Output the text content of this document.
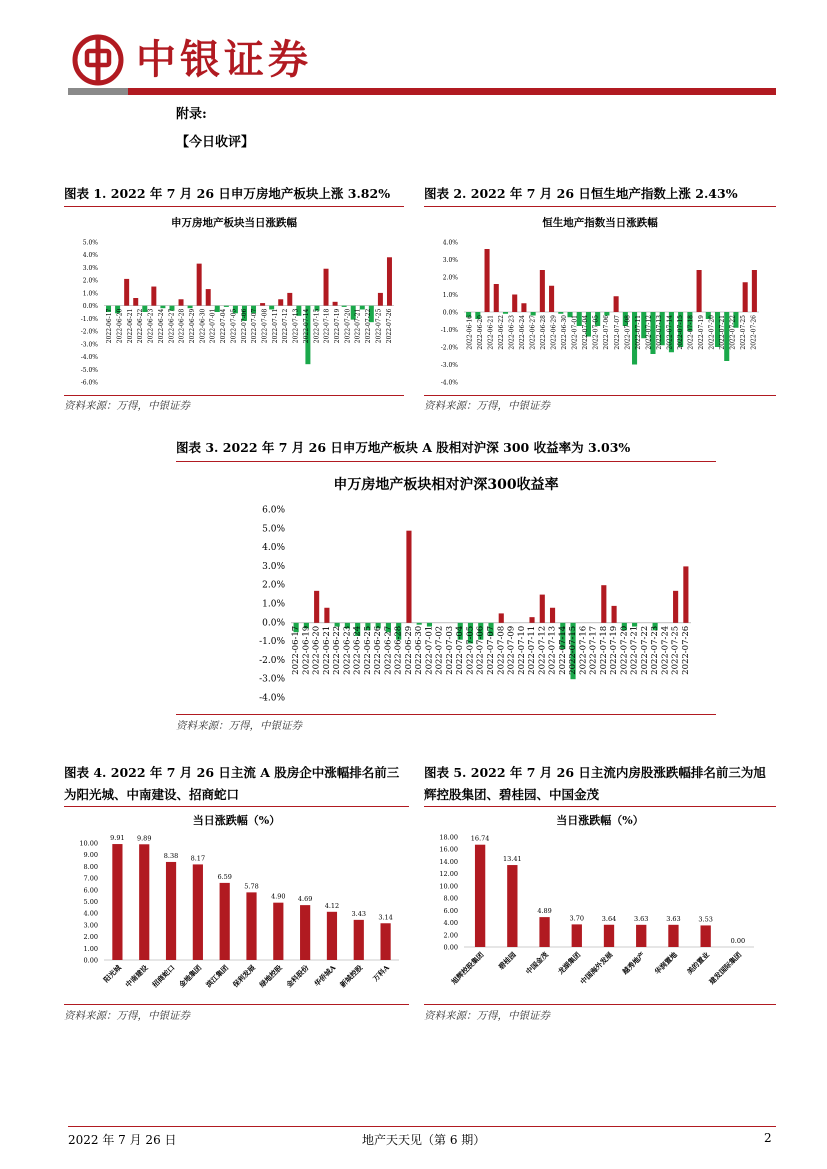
中银证券
附录:
【今日收评】
图表 1. 2022 年 7 月 26 日申万房地产板块上涨 3.82%
申万房地产板块当日涨跌幅
5.0%
4.0%
3.0%
2.0%
1.0%
0.0%
-1.0%
-2.0%
-3.0%
-4.0%
-5.0%
-6.0%
2022-06-17 2022-06-20 2022-06-21 2022-06-22 2022-06-23 2022-06-24 2022-06-27 2022-06-28 2022-06-29 2022-06-30 2022-07-01 2022-07-04 2022-07-05 2022-07-06 2022-07-07 2022-07-08 2022-07-11 2022-07-12 2022-07-13 2022-07-14 2022-07-15 2022-07-18 2022-07-19 2022-07-20 2022-07-21 2022-07-22 2022-07-25 2022-07-26
资料来源：万得，中银证券
图表 2. 2022 年 7 月 26 日恒生地产指数上涨 2.43%
恒生地产指数当日涨跌幅
4.0%
3.0%
2.0%
1.0%
0.0%
-1.0%
-2.0%
-3.0%
-4.0%
2022-06-16 2022-06-20 2022-06-21 2022-06-22 2022-06-23 2022-06-24 2022-06-27 2022-06-28 2022-06-29 2022-06-30 2022-07-01 2022-07-04 2022-07-05 2022-07-06 2022-07-07 2022-07-08 2022-07-11 2022-07-12 2022-07-13 2022-07-14 2022-07-15 2022-07-18 2022-07-19 2022-07-20 2022-07-21 2022-07-22 2022-07-25 2022-07-26
资料来源：万得，中银证券
图表 3. 2022 年 7 月 26 日申万地产板块 A 股相对沪深 300 收益率为 3.03%
申万房地产板块相对沪深300收益率
6.0%
5.0%
4.0%
3.0%
2.0%
1.0%
0.0%
-1.0%
-2.0%
-3.0%
-4.0%
2022-06-17 2022-06-19 2022-06-20 2022-06-21 2022-06-22 2022-06-23 2022-06-24 2022-06-25 2022-06-26 2022-06-27 2022-06-28 2022-06-29 2022-06-30 2022-07-01 2022-07-02 2022-07-03 2022-07-04 2022-07-05 2022-07-06 2022-07-07 2022-07-08 2022-07-09 2022-07-10 2022-07-11 2022-07-12 2022-07-13 2022-07-14 2022-07-15 2022-07-16 2022-07-17 2022-07-18 2022-07-19 2022-07-20 2022-07-21 2022-07-22 2022-07-23 2022-07-24 2022-07-25 2022-07-26
资料来源：万得，中银证券
图表 4. 2022 年 7 月 26 日主流 A 股房企中涨幅排名前三为阳光城、中南建设、招商蛇口
当日涨跌幅（%）
10.00
9.00
8.00
7.00
6.00
5.00
4.00
3.00
2.00
1.00
0.00
9.91 9.89
8.38 8.17
6.59
5.78
4.90 4.69
4.12
3.43 3.14
阳光城 中南建设 招商蛇口 金地集团 滨江集团 保利发展 绿地控股 金科股份 华侨城A 新城控股 万科A
资料来源：万得，中银证券
图表 5. 2022 年 7 月 26 日主流内房股涨跌幅排名前三为旭辉控股集团、碧桂园、中国金茂
当日涨跌幅（%）
18.00
16.00
14.00
12.00
10.00
8.00
6.00
4.00
2.00
0.00
16.74
13.41
4.89
3.70	3.64	3.63	3.63	3.53
0.00
旭辉控股集团 碧桂园 中国金茂 龙湖集团
中国海外发展 越秀地产 华润置地 美的置业
建发国际集团
资料来源：万得，中银证券
2022 年 7 月 26 日	地产天天见（第 6 期）	2
